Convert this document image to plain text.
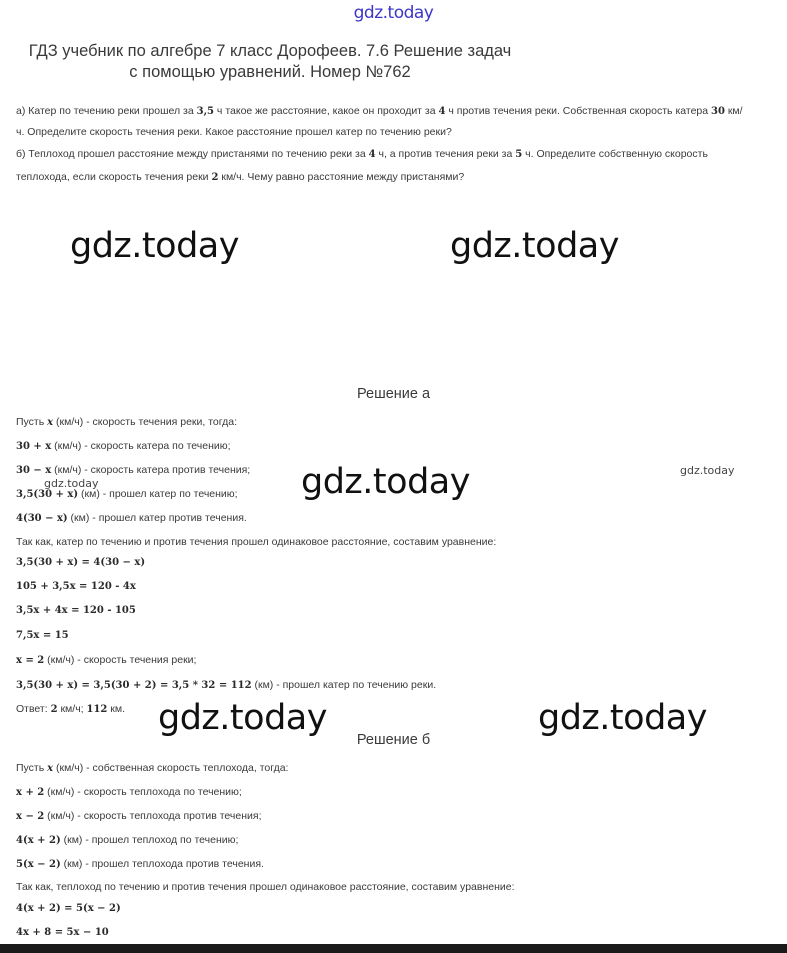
gdz.today
ГДЗ учебник по алгебре 7 класс Дорофеев. 7.6 Решение задач
с помощью уравнений. Номер №762
а) Катер по течению реки прошел за 3,5 ч такое же расстояние, какое он проходит за 4 ч против течения реки. Собственная скорость катера 30 км/
ч. Определите скорость течения реки. Какое расстояние прошел катер по течению реки?
б) Теплоход прошел расстояние между пристанями по течению реки за 4 ч, а против течения реки за 5 ч. Определите собственную скорость
теплохода, если скорость течения реки 2 км/ч. Чему равно расстояние между пристанями?
gdz.today	gdz.today
Решение а
Пусть x (км/ч) - скорость течения реки, тогда:
30 + x (км/ч) - скорость катера по течению;
30 − x (км/ч) - скорость катера против течения;
3,5(30 + x) (км) - прошел катер по течению;
4(30 − x) (км) - прошел катер против течения.
Так как, катер по течению и против течения прошел одинаковое расстояние, составим уравнение:
3,5(30 + x) = 4(30 − x)
105 + 3,5x = 120 - 4x
3,5x + 4x = 120 - 105
7,5x = 15
x = 2 (км/ч) - скорость течения реки;
3,5(30 + x) = 3,5(30 + 2) = 3,5 * 32 = 112 (км) - прошел катер по течению реки.
Ответ: 2 км/ч; 112 км.
gdz.today
gdz.today
gdz.today
gdz.today	gdz.today
Решение б
Пусть x (км/ч) - собственная скорость теплохода, тогда:
x + 2 (км/ч) - скорость теплохода по течению;
x − 2 (км/ч) - скорость теплохода против течения;
4(x + 2) (км) - прошел теплоход по течению;
5(x − 2) (км) - прошел теплохода против течения.
Так как, теплоход по течению и против течения прошел одинаковое расстояние, составим уравнение:
4(x + 2) = 5(x − 2)
4x + 8 = 5x − 10
